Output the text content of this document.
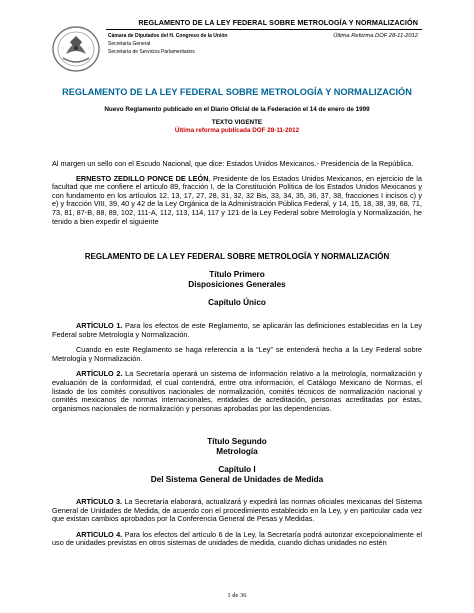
REGLAMENTO DE LA LEY FEDERAL SOBRE METROLOGÍA Y NORMALIZACIÓN
Cámara de Diputados del H. Congreso de la Unión
Secretaría General
Secretaría de Servicios Parlamentarios
Última Reforma DOF 28-11-2012
REGLAMENTO DE LA LEY FEDERAL SOBRE METROLOGÍA Y NORMALIZACIÓN
Nuevo Reglamento publicado en el Diario Oficial de la Federación el 14 de enero de 1999
TEXTO VIGENTE
Última reforma publicada DOF 28-11-2012

Al margen un sello con el Escudo Nacional, que dice: Estados Unidos Mexicanos.- Presidencia de la República.

ERNESTO ZEDILLO PONCE DE LEÓN, Presidente de los Estados Unidos Mexicanos, en ejercicio de la facultad que me confiere el artículo 89, fracción I, de la Constitución Política de los Estados Unidos Mexicanos y con fundamento en los artículos 12, 13, 17, 27, 28, 31, 32, 32 Bis, 33, 34, 35, 36, 37, 38, fracciones I incisos c) y e) y fracción VIII, 39, 40 y 42 de la Ley Orgánica de la Administración Pública Federal, y 14, 15, 18, 38, 39, 68, 71, 73, 81, 87-B, 88, 89, 102, 111-A, 112, 113, 114, 117 y 121 de la Ley Federal sobre Metrología y Normalización, he tenido a bien expedir el siguiente

REGLAMENTO DE LA LEY FEDERAL SOBRE METROLOGÍA Y NORMALIZACIÓN
Título Primero
Disposiciones Generales
Capítulo Único

ARTÍCULO 1. Para los efectos de este Reglamento, se aplicarán las definiciones establecidas en la Ley Federal sobre Metrología y Normalización.

Cuando en este Reglamento se haga referencia a la “Ley” se entenderá hecha a la Ley Federal sobre Metrología y Normalización.

ARTÍCULO 2. La Secretaría operará un sistema de información relativo a la metrología, normalización y evaluación de la conformidad, el cual contendrá, entre otra información, el Catálogo Mexicano de Normas, el listado de los comités consultivos nacionales de normalización, comités técnicos de normalización nacional y comités mexicanos de normas internacionales, entidades de acreditación, personas acreditadas por éstas, organismos nacionales de normalización y personas aprobadas por las dependencias.

Título Segundo
Metrología
Capítulo I
Del Sistema General de Unidades de Medida

ARTÍCULO 3. La Secretaría elaborará, actualizará y expedirá las normas oficiales mexicanas del Sistema General de Unidades de Medida, de acuerdo con el procedimiento establecido en la Ley, y en particular cada vez que existan cambios aprobados por la Conferencia General de Pesas y Medidas.

ARTÍCULO 4. Para los efectos del artículo 6 de la Ley, la Secretaría podrá autorizar excepcionalmente el uso de unidades previstas en otros sistemas de unidades de medida, cuando dichas unidades no estén

1 de 36
